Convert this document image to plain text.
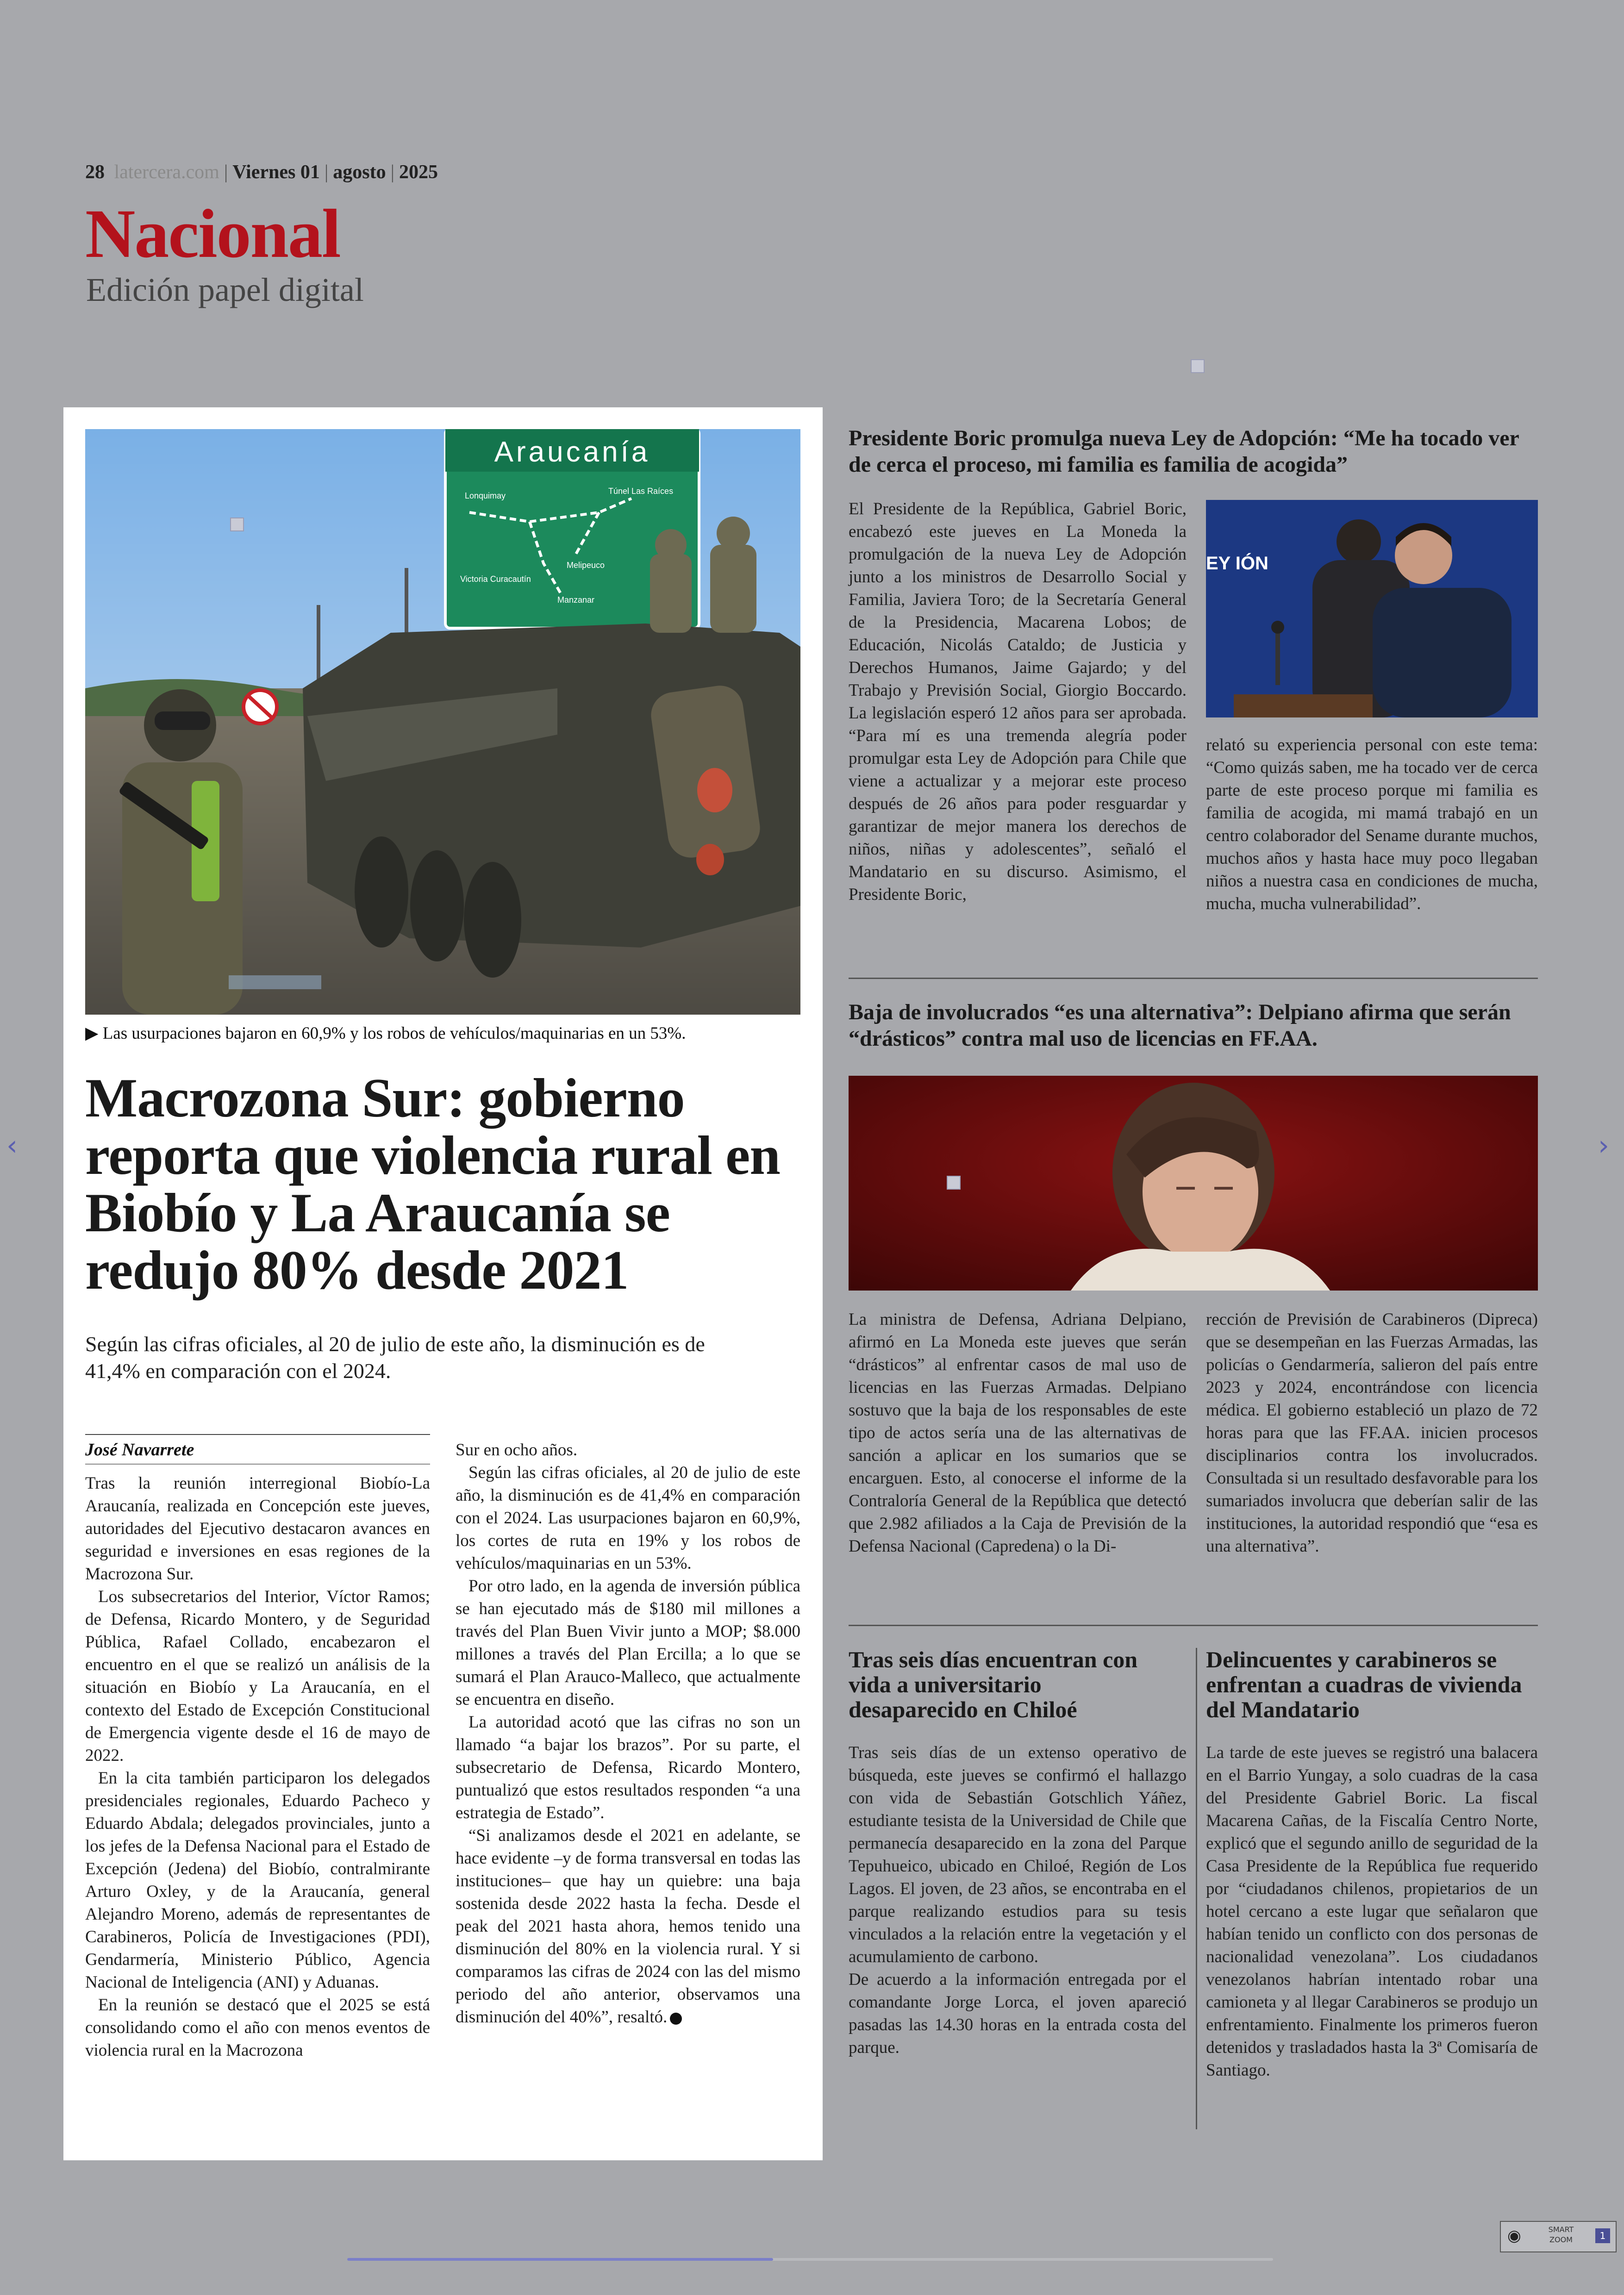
28 latercera.com | Viernes 01 | agosto | 2025
Nacional
Edición papel digital
Araucanía
Lonquimay	Túnel Las Raíces
Victoria Curacautín
Melipeuco
Manzanar
▶ Las usurpaciones bajaron en 60,9% y los robos de vehículos/maquinarias en un 53%.
Macrozona Sur: gobierno reporta que violencia rural en Biobío y La Araucanía se redujo 80% desde 2021
Según las cifras oficiales, al 20 de julio de este año, la disminución es de 41,4% en comparación con el 2024.
José Navarrete

Tras la reunión interregional Biobío-La Araucanía, realizada en Concepción este jueves, autoridades del Ejecutivo destacaron avances en seguridad e inversiones en esas regiones de la Macrozona Sur.

Los subsecretarios del Interior, Víctor Ramos; de Defensa, Ricardo Montero, y de Seguridad Pública, Rafael Collado, encabezaron el encuentro en el que se realizó un análisis de la situación en Biobío y La Araucanía, en el contexto del Estado de Excepción Constitucional de Emergencia vigente desde el 16 de mayo de 2022.

En la cita también participaron los delegados presidenciales regionales, Eduardo Pacheco y Eduardo Abdala; delegados provinciales, junto a los jefes de la Defensa Nacional para el Estado de Excepción (Jedena) del Biobío, contralmirante Arturo Oxley, y de la Araucanía, general Alejandro Moreno, además de representantes de Carabineros, Policía de Investigaciones (PDI), Gendarmería, Ministerio Público, Agencia Nacional de Inteligencia (ANI) y Aduanas.

En la reunión se destacó que el 2025 se está consolidando como el año con menos eventos de violencia rural en la Macrozona

Sur en ocho años.

Según las cifras oficiales, al 20 de julio de este año, la disminución es de 41,4% en comparación con el 2024. Las usurpaciones bajaron en 60,9%, los cortes de ruta en 19% y los robos de vehículos/maquinarias en un 53%.

Por otro lado, en la agenda de inversión pública se han ejecutado más de $180 mil millones a través del Plan Buen Vivir junto a MOP; $8.000 millones a través del Plan Ercilla; a lo que se sumará el Plan Arauco-Malleco, que actualmente se encuentra en diseño.

La autoridad acotó que las cifras no son un llamado “a bajar los brazos”. Por su parte, el subsecretario de Defensa, Ricardo Montero, puntualizó que estos resultados responden “a una estrategia de Estado”.

“Si analizamos desde el 2021 en adelante, se hace evidente –y de forma transversal en todas las instituciones– que hay un quiebre: una baja sostenida desde 2022 hasta la fecha. Desde el peak del 2021 hasta ahora, hemos tenido una disminución del 80% en la violencia rural. Y si comparamos las cifras de 2024 con las del mismo periodo del año anterior, observamos una disminución del 40%”, resaltó.

Presidente Boric promulga nueva Ley de Adopción: “Me ha tocado ver de cerca el proceso, mi familia es familia de acogida”

El Presidente de la República, Gabriel Boric, encabezó este jueves en La Moneda la promulgación de la nueva Ley de Adopción junto a los ministros de Desarrollo Social y Familia, Javiera Toro; de la Secretaría General de la Presidencia, Macarena Lobos; de Educación, Nicolás Cataldo; de Justicia y Derechos Humanos, Jaime Gajardo; y del Trabajo y Previsión Social, Giorgio Boccardo. La legislación esperó 12 años para ser aprobada. “Para mí es una tremenda alegría poder promulgar esta Ley de Adopción para Chile que viene a actualizar y a mejorar este proceso después de 26 años para poder resguardar y garantizar de mejor manera los derechos de niños, niñas y adolescentes”, señaló el Mandatario en su discurso. Asimismo, el Presidente Boric,

EY IÓN

relató su experiencia personal con este tema: “Como quizás saben, me ha tocado ver de cerca parte de este proceso porque mi familia es familia de acogida, mi mamá trabajó en un centro colaborador del Sename durante muchos, muchos años y hasta hace muy poco llegaban niños a nuestra casa en condiciones de mucha, mucha, mucha vulnerabilidad”.

Baja de involucrados “es una alternativa”: Delpiano afirma que serán “drásticos” contra mal uso de licencias en FF.AA.

La ministra de Defensa, Adriana Delpiano, afirmó en La Moneda este jueves que serán “drásticos” al enfrentar casos de mal uso de licencias en las Fuerzas Armadas. Delpiano sostuvo que la baja de los responsables de este tipo de actos sería una de las alternativas de sanción a aplicar en los sumarios que se encarguen. Esto, al conocerse el informe de la Contraloría General de la República que detectó que 2.982 afiliados a la Caja de Previsión de la Defensa Nacional (Capredena) o la Di-

rección de Previsión de Carabineros (Dipreca) que se desempeñan en las Fuerzas Armadas, las policías o Gendarmería, salieron del país entre 2023 y 2024, encontrándose con licencia médica. El gobierno estableció un plazo de 72 horas para que las FF.AA. inicien procesos disciplinarios contra los involucrados. Consultada si un resultado desfavorable para los sumariados involucra que deberían salir de las instituciones, la autoridad respondió que “esa es una alternativa”.

Tras seis días encuentran con vida a universitario desaparecido en Chiloé

Tras seis días de un extenso operativo de búsqueda, este jueves se confirmó el hallazgo con vida de Sebastián Gotschlich Yáñez, estudiante tesista de la Universidad de Chile que permanecía desaparecido en la zona del Parque Tepuhueico, ubicado en Chiloé, Región de Los Lagos. El joven, de 23 años, se encontraba en el parque realizando estudios para su tesis vinculados a la relación entre la vegetación y el acumulamiento de carbono.

De acuerdo a la información entregada por el comandante Jorge Lorca, el joven apareció pasadas las 14.30 horas en la entrada costa del parque.

Delincuentes y carabineros se enfrentan a cuadras de vivienda del Mandatario

La tarde de este jueves se registró una balacera en el Barrio Yungay, a solo cuadras de la casa del Presidente Gabriel Boric. La fiscal Macarena Cañas, de la Fiscalía Centro Norte, explicó que el segundo anillo de seguridad de la Casa Presidente de la República fue requerido por “ciudadanos chilenos, propietarios de un hotel cercano a este lugar que señalaron que habían tenido un conflicto con dos personas de nacionalidad venezolana”. Los ciudadanos venezolanos habrían intentado robar una camioneta y al llegar Carabineros se produjo un enfrentamiento. Finalmente los primeros fueron detenidos y trasladados hasta la 3ª Comisaría de Santiago.

‹	›
◉	SMART
ZOOM	1
